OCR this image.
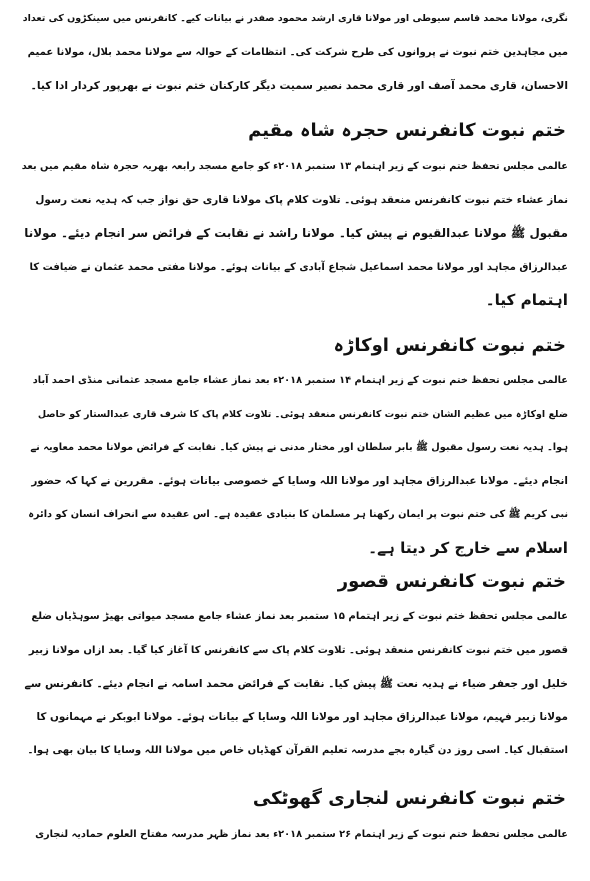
نگری، مولانا محمد قاسم سیوطی اور مولانا قاری ارشد محمود صفدر نے بیانات کیے۔ کانفرنس میں سینکڑوں کی تعداد
میں مجاہدین ختم نبوت نے پروانوں کی طرح شرکت کی۔ انتظامات کے حوالہ سے مولانا محمد بلال، مولانا عمیم
الاحسان، قاری محمد آصف اور قاری محمد نصیر سمیت دیگر کارکنان ختم نبوت نے بھرپور کردار ادا کیا۔

ختم نبوت کانفرنس حجرہ شاہ مقیم

عالمی مجلس تحفظ ختم نبوت کے زیر اہتمام ۱۳ ستمبر ۲۰۱۸ء کو جامع مسجد رابعہ بھریہ حجرہ شاہ مقیم میں بعد
نماز عشاء ختم نبوت کانفرنس منعقد ہوئی۔ تلاوت کلام پاک مولانا قاری حق نواز جب کہ ہدیہ نعت رسول
مقبول ﷺ مولانا عبدالقیوم نے پیش کیا۔ مولانا راشد نے نقابت کے فرائض سر انجام دیئے۔ مولانا
عبدالرزاق مجاہد اور مولانا محمد اسماعیل شجاع آبادی کے بیانات ہوئے۔ مولانا مفتی محمد عثمان نے ضیافت کا
اہتمام کیا۔

ختم نبوت کانفرنس اوکاڑہ

عالمی مجلس تحفظ ختم نبوت کے زیر اہتمام ۱۴ ستمبر ۲۰۱۸ء بعد نماز عشاء جامع مسجد عثمانی منڈی احمد آباد
ضلع اوکاڑہ میں عظیم الشان ختم نبوت کانفرنس منعقد ہوئی۔ تلاوت کلام پاک کا شرف قاری عبدالستار کو حاصل
ہوا۔ ہدیہ نعت رسول مقبول ﷺ بابر سلطان اور مختار مدنی نے پیش کیا۔ نقابت کے فرائض مولانا محمد معاویہ نے
انجام دیئے۔ مولانا عبدالرزاق مجاہد اور مولانا اللہ وسایا کے خصوصی بیانات ہوئے۔ مقررین نے کہا کہ حضور
نبی کریم ﷺ کی ختم نبوت پر ایمان رکھنا ہر مسلمان کا بنیادی عقیدہ ہے۔ اس عقیدہ سے انحراف انسان کو دائرہ
اسلام سے خارج کر دیتا ہے۔

ختم نبوت کانفرنس قصور

عالمی مجلس تحفظ ختم نبوت کے زیر اہتمام ۱۵ ستمبر بعد نماز عشاء جامع مسجد میواتی بھیڑ سوہڈیاں ضلع
قصور میں ختم نبوت کانفرنس منعقد ہوئی۔ تلاوت کلام پاک سے کانفرنس کا آغاز کیا گیا۔ بعد ازاں مولانا زبیر
خلیل اور جعفر ضیاء نے ہدیہ نعت ﷺ پیش کیا۔ نقابت کے فرائض محمد اسامہ نے انجام دیئے۔ کانفرنس سے
مولانا زبیر فہیم، مولانا عبدالرزاق مجاہد اور مولانا اللہ وسایا کے بیانات ہوئے۔ مولانا ابوبکر نے مہمانوں کا
استقبال کیا۔ اسی روز دن گیارہ بجے مدرسہ تعلیم القرآن کھڈیاں خاص میں مولانا اللہ وسایا کا بیان بھی ہوا۔

ختم نبوت کانفرنس لنجاری گھوٹکی

عالمی مجلس تحفظ ختم نبوت کے زیر اہتمام ۲۶ ستمبر ۲۰۱۸ء بعد نماز ظہر مدرسہ مفتاح العلوم حمادیہ لنجاری
